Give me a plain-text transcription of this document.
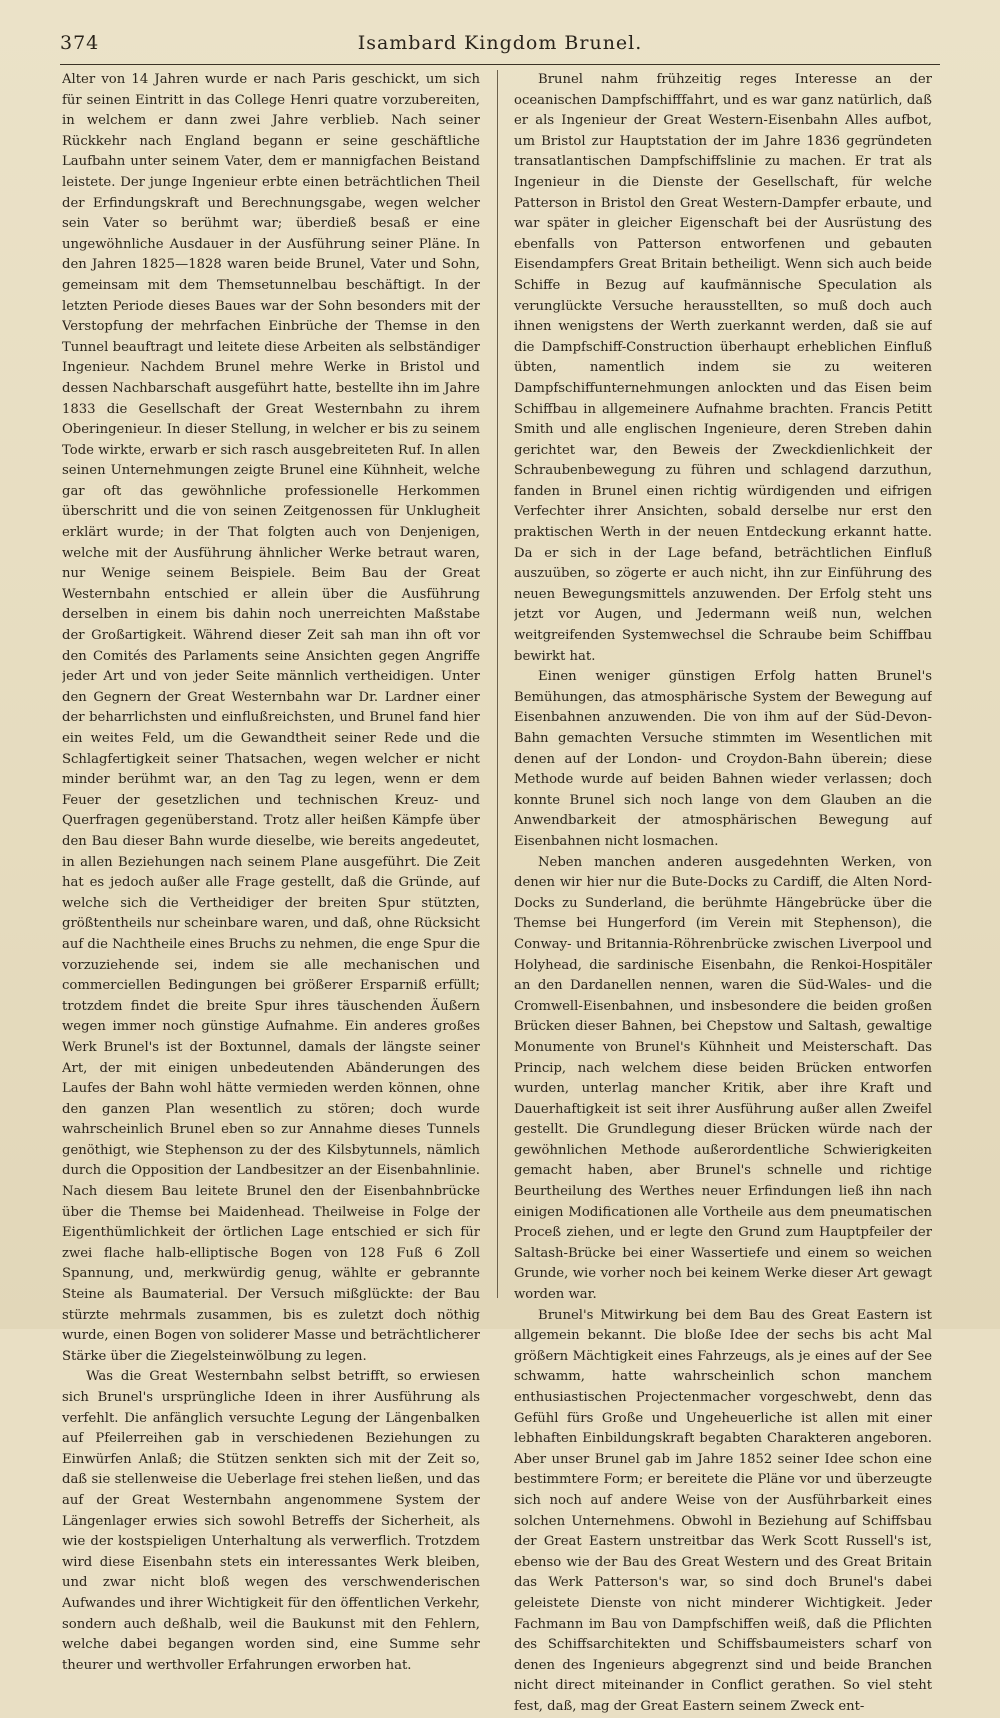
374	Isambard Kingdom Brunel.

Alter von 14 Jahren wurde er nach Paris geschickt, um sich für seinen Eintritt in das College Henri quatre vorzubereiten, in welchem er dann zwei Jahre verblieb. Nach seiner Rückkehr nach England begann er seine geschäftliche Laufbahn unter seinem Vater, dem er mannigfachen Beistand leistete. Der junge Ingenieur erbte einen beträchtlichen Theil der Erfindungskraft und Berechnungsgabe, wegen welcher sein Vater so berühmt war; überdieß besaß er eine ungewöhnliche Ausdauer in der Ausführung seiner Pläne. In den Jahren 1825—1828 waren beide Brunel, Vater und Sohn, gemeinsam mit dem Themsetunnelbau beschäftigt. In der letzten Periode dieses Baues war der Sohn besonders mit der Verstopfung der mehrfachen Einbrüche der Themse in den Tunnel beauftragt und leitete diese Arbeiten als selbständiger Ingenieur. Nachdem Brunel mehre Werke in Bristol und dessen Nachbarschaft ausgeführt hatte, bestellte ihn im Jahre 1833 die Gesellschaft der Great Westernbahn zu ihrem Oberingenieur. In dieser Stellung, in welcher er bis zu seinem Tode wirkte, erwarb er sich rasch ausgebreiteten Ruf. In allen seinen Unternehmungen zeigte Brunel eine Kühnheit, welche gar oft das gewöhnliche professionelle Herkommen überschritt und die von seinen Zeitgenossen für Unklugheit erklärt wurde; in der That folgten auch von Denjenigen, welche mit der Ausführung ähnlicher Werke betraut waren, nur Wenige seinem Beispiele. Beim Bau der Great Westernbahn entschied er allein über die Ausführung derselben in einem bis dahin noch unerreichten Maßstabe der Großartigkeit. Während dieser Zeit sah man ihn oft vor den Comités des Parlaments seine Ansichten gegen Angriffe jeder Art und von jeder Seite männlich vertheidigen. Unter den Gegnern der Great Westernbahn war Dr. Lardner einer der beharrlichsten und einflußreichsten, und Brunel fand hier ein weites Feld, um die Gewandtheit seiner Rede und die Schlagfertigkeit seiner Thatsachen, wegen welcher er nicht minder berühmt war, an den Tag zu legen, wenn er dem Feuer der gesetzlichen und technischen Kreuz- und Querfragen gegenüberstand. Trotz aller heißen Kämpfe über den Bau dieser Bahn wurde dieselbe, wie bereits angedeutet, in allen Beziehungen nach seinem Plane ausgeführt. Die Zeit hat es jedoch außer alle Frage gestellt, daß die Gründe, auf welche sich die Vertheidiger der breiten Spur stützten, größtentheils nur scheinbare waren, und daß, ohne Rücksicht auf die Nachtheile eines Bruchs zu nehmen, die enge Spur die vorzuziehende sei, indem sie alle mechanischen und commerciellen Bedingungen bei größerer Ersparniß erfüllt; trotzdem findet die breite Spur ihres täuschenden Äußern wegen immer noch günstige Aufnahme. Ein anderes großes Werk Brunel's ist der Boxtunnel, damals der längste seiner Art, der mit einigen unbedeutenden Abänderungen des Laufes der Bahn wohl hätte vermieden werden können, ohne den ganzen Plan wesentlich zu stören; doch wurde wahrscheinlich Brunel eben so zur Annahme dieses Tunnels genöthigt, wie Stephenson zu der des Kilsbytunnels, nämlich durch die Opposition der Landbesitzer an der Eisenbahnlinie. Nach diesem Bau leitete Brunel den der Eisenbahnbrücke über die Themse bei Maidenhead. Theilweise in Folge der Eigenthümlichkeit der örtlichen Lage entschied er sich für zwei flache halb-elliptische Bogen von 128 Fuß 6 Zoll Spannung, und, merkwürdig genug, wählte er gebrannte Steine als Baumaterial. Der Versuch mißglückte: der Bau stürzte mehrmals zusammen, bis es zuletzt doch nöthig wurde, einen Bogen von soliderer Masse und beträchtlicherer Stärke über die Ziegelsteinwölbung zu legen.

Was die Great Westernbahn selbst betrifft, so erwiesen sich Brunel's ursprüngliche Ideen in ihrer Ausführung als verfehlt. Die anfänglich versuchte Legung der Längenbalken auf Pfeilerreihen gab in verschiedenen Beziehungen zu Einwürfen Anlaß; die Stützen senkten sich mit der Zeit so, daß sie stellenweise die Ueberlage frei stehen ließen, und das auf der Great Westernbahn angenommene System der Längenlager erwies sich sowohl Betreffs der Sicherheit, als wie der kostspieligen Unterhaltung als verwerflich. Trotzdem wird diese Eisenbahn stets ein interessantes Werk bleiben, und zwar nicht bloß wegen des verschwenderischen Aufwandes und ihrer Wichtigkeit für den öffentlichen Verkehr, sondern auch deßhalb, weil die Baukunst mit den Fehlern, welche dabei begangen worden sind, eine Summe sehr theurer und werthvoller Erfahrungen erworben hat.

Brunel nahm frühzeitig reges Interesse an der oceanischen Dampfschifffahrt, und es war ganz natürlich, daß er als Ingenieur der Great Western-Eisenbahn Alles aufbot, um Bristol zur Hauptstation der im Jahre 1836 gegründeten transatlantischen Dampfschiffslinie zu machen. Er trat als Ingenieur in die Dienste der Gesellschaft, für welche Patterson in Bristol den Great Western-Dampfer erbaute, und war später in gleicher Eigenschaft bei der Ausrüstung des ebenfalls von Patterson entworfenen und gebauten Eisendampfers Great Britain betheiligt. Wenn sich auch beide Schiffe in Bezug auf kaufmännische Speculation als verunglückte Versuche herausstellten, so muß doch auch ihnen wenigstens der Werth zuerkannt werden, daß sie auf die Dampfschiff-Construction überhaupt erheblichen Einfluß übten, namentlich indem sie zu weiteren Dampfschiffunternehmungen anlockten und das Eisen beim Schiffbau in allgemeinere Aufnahme brachten. Francis Petitt Smith und alle englischen Ingenieure, deren Streben dahin gerichtet war, den Beweis der Zweckdienlichkeit der Schraubenbewegung zu führen und schlagend darzuthun, fanden in Brunel einen richtig würdigenden und eifrigen Verfechter ihrer Ansichten, sobald derselbe nur erst den praktischen Werth in der neuen Entdeckung erkannt hatte. Da er sich in der Lage befand, beträchtlichen Einfluß auszuüben, so zögerte er auch nicht, ihn zur Einführung des neuen Bewegungsmittels anzuwenden. Der Erfolg steht uns jetzt vor Augen, und Jedermann weiß nun, welchen weitgreifenden Systemwechsel die Schraube beim Schiffbau bewirkt hat.

Einen weniger günstigen Erfolg hatten Brunel's Bemühungen, das atmosphärische System der Bewegung auf Eisenbahnen anzuwenden. Die von ihm auf der Süd-Devon-Bahn gemachten Versuche stimmten im Wesentlichen mit denen auf der London- und Croydon-Bahn überein; diese Methode wurde auf beiden Bahnen wieder verlassen; doch konnte Brunel sich noch lange von dem Glauben an die Anwendbarkeit der atmosphärischen Bewegung auf Eisenbahnen nicht losmachen.

Neben manchen anderen ausgedehnten Werken, von denen wir hier nur die Bute-Docks zu Cardiff, die Alten Nord-Docks zu Sunderland, die berühmte Hängebrücke über die Themse bei Hungerford (im Verein mit Stephenson), die Conway- und Britannia-Röhrenbrücke zwischen Liverpool und Holyhead, die sardinische Eisenbahn, die Renkoi-Hospitäler an den Dardanellen nennen, waren die Süd-Wales- und die Cromwell-Eisenbahnen, und insbesondere die beiden großen Brücken dieser Bahnen, bei Chepstow und Saltash, gewaltige Monumente von Brunel's Kühnheit und Meisterschaft. Das Princip, nach welchem diese beiden Brücken entworfen wurden, unterlag mancher Kritik, aber ihre Kraft und Dauerhaftigkeit ist seit ihrer Ausführung außer allen Zweifel gestellt. Die Grundlegung dieser Brücken würde nach der gewöhnlichen Methode außerordentliche Schwierigkeiten gemacht haben, aber Brunel's schnelle und richtige Beurtheilung des Werthes neuer Erfindungen ließ ihn nach einigen Modificationen alle Vortheile aus dem pneumatischen Proceß ziehen, und er legte den Grund zum Hauptpfeiler der Saltash-Brücke bei einer Wassertiefe und einem so weichen Grunde, wie vorher noch bei keinem Werke dieser Art gewagt worden war.

Brunel's Mitwirkung bei dem Bau des Great Eastern ist allgemein bekannt. Die bloße Idee der sechs bis acht Mal größern Mächtigkeit eines Fahrzeugs, als je eines auf der See schwamm, hatte wahrscheinlich schon manchem enthusiastischen Projectenmacher vorgeschwebt, denn das Gefühl fürs Große und Ungeheuerliche ist allen mit einer lebhaften Einbildungskraft begabten Charakteren angeboren. Aber unser Brunel gab im Jahre 1852 seiner Idee schon eine bestimmtere Form; er bereitete die Pläne vor und überzeugte sich noch auf andere Weise von der Ausführbarkeit eines solchen Unternehmens. Obwohl in Beziehung auf Schiffsbau der Great Eastern unstreitbar das Werk Scott Russell's ist, ebenso wie der Bau des Great Western und des Great Britain das Werk Patterson's war, so sind doch Brunel's dabei geleistete Dienste von nicht minderer Wichtigkeit. Jeder Fachmann im Bau von Dampfschiffen weiß, daß die Pflichten des Schiffsarchitekten und Schiffsbaumeisters scharf von denen des Ingenieurs abgegrenzt sind und beide Branchen nicht direct miteinander in Conflict gerathen. So viel steht fest, daß, mag der Great Eastern seinem Zweck ent-
